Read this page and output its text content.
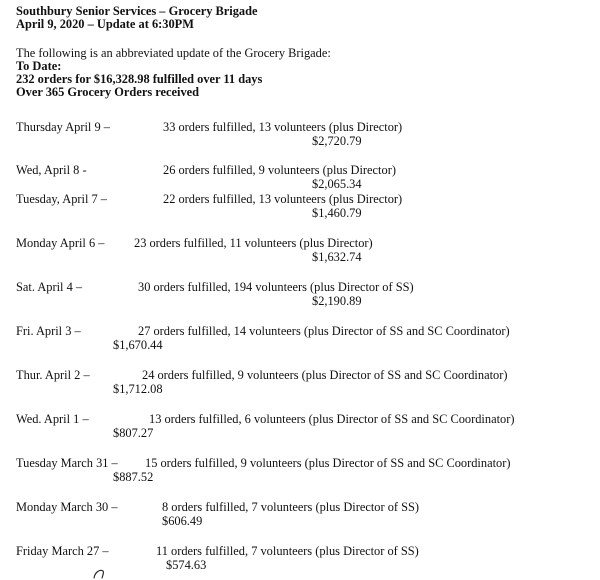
Southbury Senior Services – Grocery Brigade
April 9, 2020 – Update at 6:30PM
The following is an abbreviated update of the Grocery Brigade:
To Date:
232 orders for $16,328.98 fulfilled over 11 days
Over 365 Grocery Orders received
Thursday April 9 –	33 orders fulfilled, 13 volunteers (plus Director)
$2,720.79
Wed, April 8 -	26 orders fulfilled, 9 volunteers (plus Director)
$2,065.34
Tuesday, April 7 –	22 orders fulfilled, 13 volunteers (plus Director)
$1,460.79
Monday April 6 – 23 orders fulfilled, 11 volunteers (plus Director)
$1,632.74
Sat. April 4 –	30 orders fulfilled, 194 volunteers (plus Director of SS)
$2,190.89
Fri. April 3 –	27 orders fulfilled, 14 volunteers (plus Director of SS and SC Coordinator)
$1,670.44
Thur. April 2 –	24 orders fulfilled, 9 volunteers (plus Director of SS and SC Coordinator)
$1,712.08
Wed. April 1 –	13 orders fulfilled, 6 volunteers (plus Director of SS and SC Coordinator)
$807.27
Tuesday March 31 – 15 orders fulfilled, 9 volunteers (plus Director of SS and SC Coordinator)
$887.52
Monday March 30 –	8 orders fulfilled, 7 volunteers (plus Director of SS)
$606.49
Friday March 27 –	11 orders fulfilled, 7 volunteers (plus Director of SS)
$574.63
